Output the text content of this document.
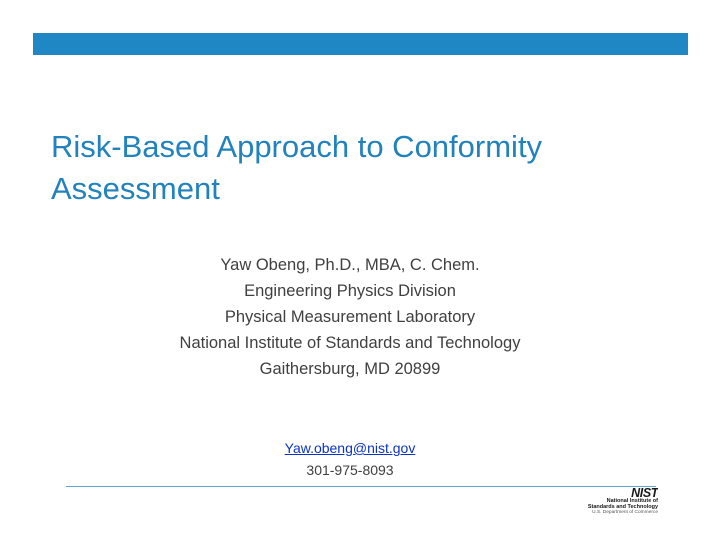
Risk-Based Approach to Conformity
Assessment
Yaw Obeng, Ph.D., MBA, C. Chem.
Engineering Physics Division
Physical Measurement Laboratory
National Institute of Standards and Technology
Gaithersburg, MD 20899
Yaw.obeng@nist.gov
301-975-8093
NIST
National Institute of
Standards and Technology
U.S. Department of Commerce
